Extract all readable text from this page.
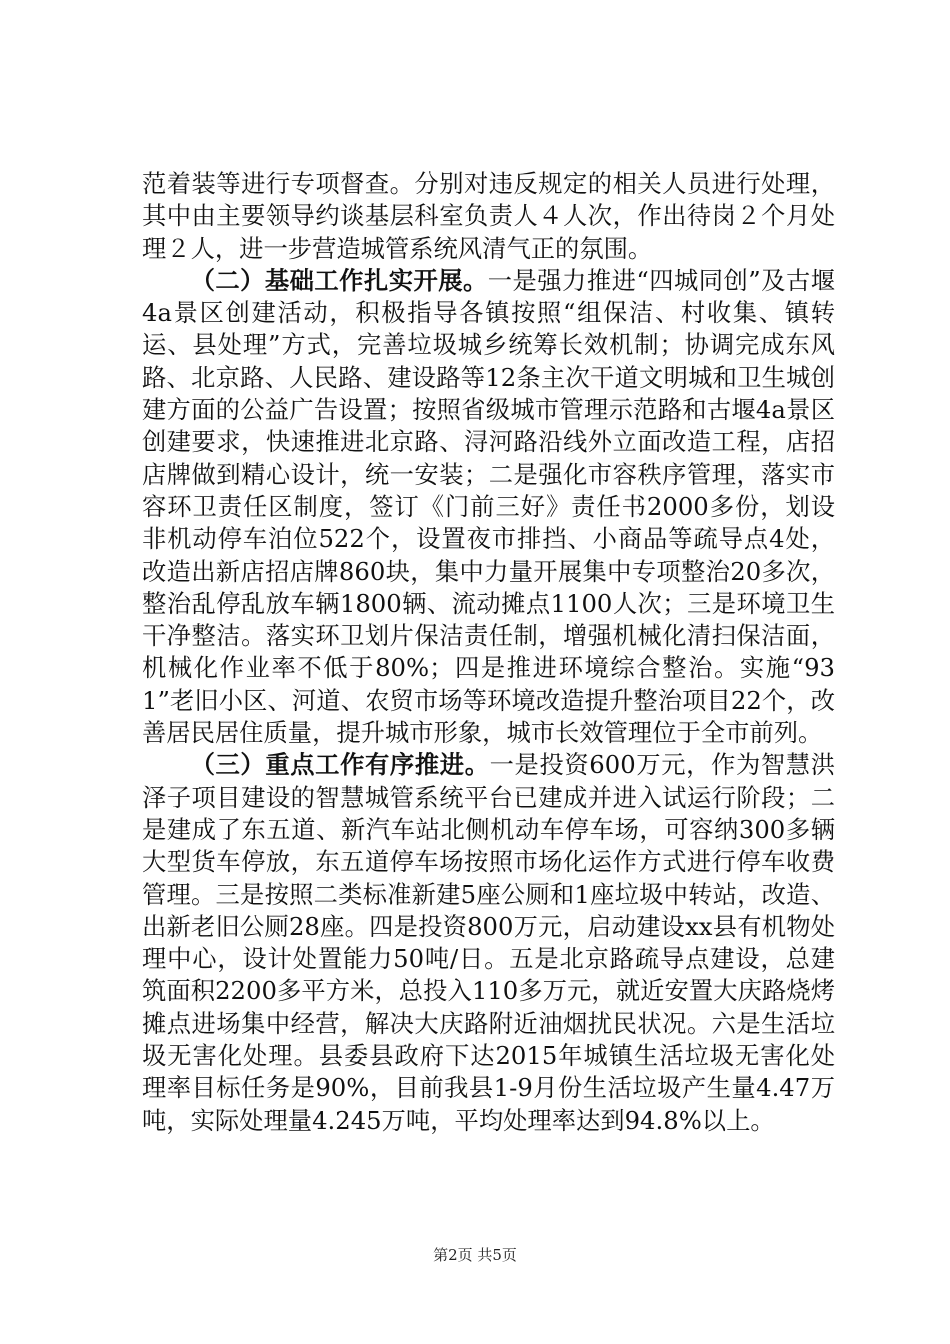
范着装等进行专项督查。分别对违反规定的相关人员进行处理，其中由主要领导约谈基层科室负责人４人次，作出待岗２个月处理２人，进一步营造城管系统风清气正的氛围。

（二）基础工作扎实开展。一是强力推进“四城同创”及古堰4a景区创建活动，积极指导各镇按照“组保洁、村收集、镇转运、县处理”方式，完善垃圾城乡统筹长效机制；协调完成东风路、北京路、人民路、建设路等12条主次干道文明城和卫生城创建方面的公益广告设置；按照省级城市管理示范路和古堰4a景区创建要求，快速推进北京路、浔河路沿线外立面改造工程，店招店牌做到精心设计，统一安装；二是强化市容秩序管理，落实市容环卫责任区制度，签订《门前三好》责任书2000多份，划设非机动停车泊位522个，设置夜市排挡、小商品等疏导点4处，改造出新店招店牌860块，集中力量开展集中专项整治20多次，整治乱停乱放车辆1800辆、流动摊点1100人次；三是环境卫生干净整洁。落实环卫划片保洁责任制，增强机械化清扫保洁面，机械化作业率不低于80%；四是推进环境综合整治。实施“931”老旧小区、河道、农贸市场等环境改造提升整治项目22个，改善居民居住质量，提升城市形象，城市长效管理位于全市前列。

（三）重点工作有序推进。一是投资600万元，作为智慧洪泽子项目建设的智慧城管系统平台已建成并进入试运行阶段；二是建成了东五道、新汽车站北侧机动车停车场，可容纳300多辆大型货车停放，东五道停车场按照市场化运作方式进行停车收费管理。三是按照二类标准新建5座公厕和1座垃圾中转站，改造、出新老旧公厕28座。四是投资800万元，启动建设xx县有机物处理中心，设计处置能力50吨/日。五是北京路疏导点建设，总建筑面积2200多平方米，总投入110多万元，就近安置大庆路烧烤摊点进场集中经营，解决大庆路附近油烟扰民状况。六是生活垃圾无害化处理。县委县政府下达2015年城镇生活垃圾无害化处理率目标任务是90%，目前我县1-9月份生活垃圾产生量4.47万吨，实际处理量4.245万吨，平均处理率达到94.8%以上。

第2页 共5页
